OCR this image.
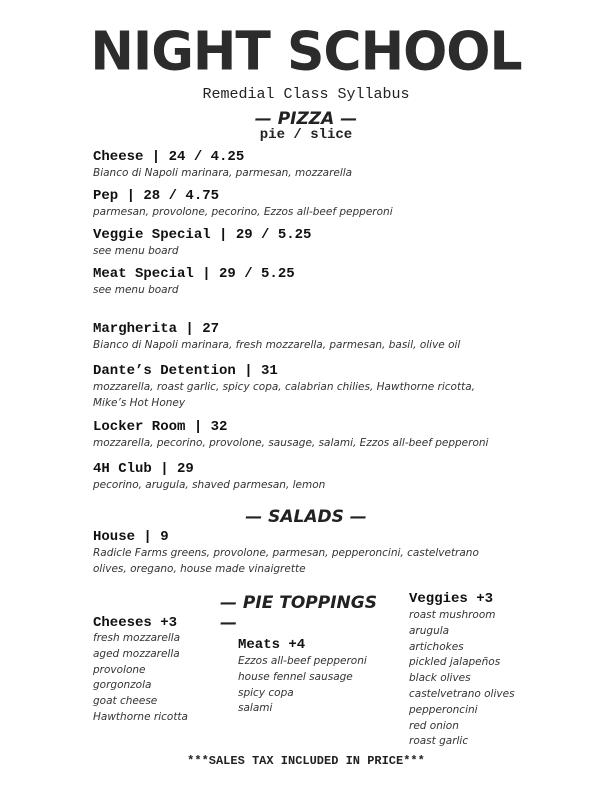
NIGHT SCHOOL
Remedial Class Syllabus
— PIZZA —
pie / slice
Cheese | 24 / 4.25
Bianco di Napoli marinara, parmesan, mozzarella
Pep | 28 / 4.75
parmesan, provolone, pecorino, Ezzos all-beef pepperoni
Veggie Special | 29 / 5.25
see menu board
Meat Special | 29 / 5.25
see menu board
Margherita | 27
Bianco di Napoli marinara, fresh mozzarella, parmesan, basil, olive oil
Dante’s Detention | 31
mozzarella, roast garlic, spicy copa, calabrian chilies, Hawthorne ricotta, Mike’s Hot Honey
Locker Room | 32
mozzarella, pecorino, provolone, sausage, salami, Ezzos all-beef pepperoni
4H Club | 29
pecorino, arugula, shaved parmesan, lemon
— SALADS —
House | 9
Radicle Farms greens, provolone, parmesan, pepperoncini, castelvetrano olives, oregano, house made vinaigrette
— PIE TOPPINGS —
Cheeses +3
fresh mozzarella
aged mozzarella
provolone
gorgonzola
goat cheese
Hawthorne ricotta
Meats +4
Ezzos all-beef pepperoni
house fennel sausage
spicy copa
salami
Veggies +3
roast mushroom
arugula
artichokes
pickled jalapeños
black olives
castelvetrano olives
pepperoncini
red onion
roast garlic
***SALES TAX INCLUDED IN PRICE***
